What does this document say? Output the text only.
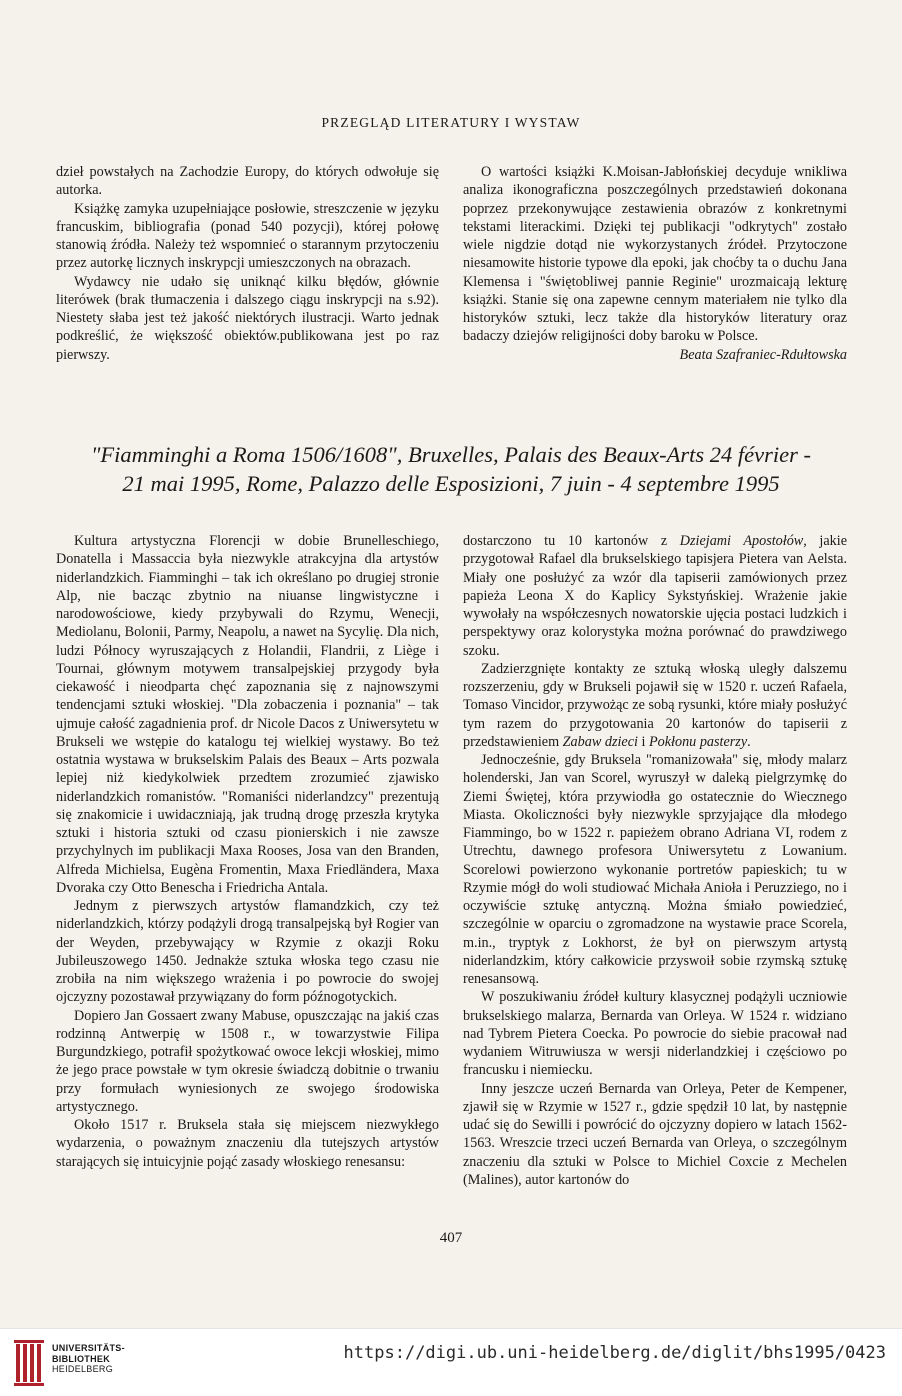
PRZEGLĄD LITERATURY I WYSTAW

dzieł powstałych na Zachodzie Europy, do których odwołuje się autorka.

Książkę zamyka uzupełniające posłowie, streszczenie w języku francuskim, bibliografia (ponad 540 pozycji), której połowę stanowią źródła. Należy też wspomnieć o starannym przytoczeniu przez autorkę licznych inskrypcji umieszczonych na obrazach.

Wydawcy nie udało się uniknąć kilku błędów, głównie literówek (brak tłumaczenia i dalszego ciągu inskrypcji na s.92). Niestety słaba jest też jakość niektórych ilustracji. Warto jednak podkreślić, że większość obiektów.publikowana jest po raz pierwszy.

O wartości książki K.Moisan-Jabłońskiej decyduje wnikliwa analiza ikonograficzna poszczególnych przedstawień dokonana poprzez przekonywujące zestawienia obrazów z konkretnymi tekstami literackimi. Dzięki tej publikacji "odkrytych" zostało wiele nigdzie dotąd nie wykorzystanych źródeł. Przytoczone niesamowite historie typowe dla epoki, jak choćby ta o duchu Jana Klemensa i "świętobliwej pannie Reginie" urozmaicają lekturę książki. Stanie się ona zapewne cennym materiałem nie tylko dla historyków sztuki, lecz także dla historyków literatury oraz badaczy dziejów religijności doby baroku w Polsce.

Beata Szafraniec-Rdułtowska

"Fiamminghi a Roma 1506/1608", Bruxelles, Palais des Beaux-Arts 24 février -
21 mai 1995, Rome, Palazzo delle Esposizioni, 7 juin - 4 septembre 1995

Kultura artystyczna Florencji w dobie Brunelleschiego, Donatella i Massaccia była niezwykle atrakcyjna dla artystów niderlandzkich. Fiamminghi – tak ich określano po drugiej stronie Alp, nie bacząc zbytnio na niuanse lingwistyczne i narodowościowe, kiedy przybywali do Rzymu, Wenecji, Mediolanu, Bolonii, Parmy, Neapolu, a nawet na Sycylię. Dla nich, ludzi Północy wyruszających z Holandii, Flandrii, z Liège i Tournai, głównym motywem transalpejskiej przygody była ciekawość i nieodparta chęć zapoznania się z najnowszymi tendencjami sztuki włoskiej. "Dla zobaczenia i poznania" – tak ujmuje całość zagadnienia prof. dr Nicole Dacos z Uniwersytetu w Brukseli we wstępie do katalogu tej wielkiej wystawy. Bo też ostatnia wystawa w brukselskim Palais des Beaux – Arts pozwala lepiej niż kiedykolwiek przedtem zrozumieć zjawisko niderlandzkich romanistów. "Romaniści niderlandzcy" prezentują się znakomicie i uwidaczniają, jak trudną drogę przeszła krytyka sztuki i historia sztuki od czasu pionierskich i nie zawsze przychylnych im publikacji Maxa Rooses, Josa van den Branden, Alfreda Michielsa, Eugèna Fromentin, Maxa Friedländera, Maxa Dvoraka czy Otto Benescha i Friedricha Antala.

Jednym z pierwszych artystów flamandzkich, czy też niderlandzkich, którzy podążyli drogą transalpejską był Rogier van der Weyden, przebywający w Rzymie z okazji Roku Jubileuszowego 1450. Jednakże sztuka włoska tego czasu nie zrobiła na nim większego wrażenia i po powrocie do swojej ojczyzny pozostawał przywiązany do form późnogotyckich.

Dopiero Jan Gossaert zwany Mabuse, opuszczając na jakiś czas rodzinną Antwerpię w 1508 r., w towarzystwie Filipa Burgundzkiego, potrafił spożytkować owoce lekcji włoskiej, mimo że jego prace powstałe w tym okresie świadczą dobitnie o trwaniu przy formułach wyniesionych ze swojego środowiska artystycznego.

Około 1517 r. Bruksela stała się miejscem niezwykłego wydarzenia, o poważnym znaczeniu dla tutejszych artystów starających się intuicyjnie pojąć zasady włoskiego renesansu:

dostarczono tu 10 kartonów z Dziejami Apostołów, jakie przygotował Rafael dla brukselskiego tapisjera Pietera van Aelsta. Miały one posłużyć za wzór dla tapiserii zamówionych przez papieża Leona X do Kaplicy Sykstyńskiej. Wrażenie jakie wywołały na współczesnych nowatorskie ujęcia postaci ludzkich i perspektywy oraz kolorystyka można porównać do prawdziwego szoku.

Zadzierzgnięte kontakty ze sztuką włoską uległy dalszemu rozszerzeniu, gdy w Brukseli pojawił się w 1520 r. uczeń Rafaela, Tomaso Vincidor, przywożąc ze sobą rysunki, które miały posłużyć tym razem do przygotowania 20 kartonów do tapiserii z przedstawieniem Zabaw dzieci i Pokłonu pasterzy.

Jednocześnie, gdy Bruksela "romanizowała" się, młody malarz holenderski, Jan van Scorel, wyruszył w daleką pielgrzymkę do Ziemi Świętej, która przywiodła go ostatecznie do Wiecznego Miasta. Okoliczności były niezwykle sprzyjające dla młodego Fiammingo, bo w 1522 r. papieżem obrano Adriana VI, rodem z Utrechtu, dawnego profesora Uniwersytetu z Lowanium. Scorelowi powierzono wykonanie portretów papieskich; tu w Rzymie mógł do woli studiować Michała Anioła i Peruzziego, no i oczywiście sztukę antyczną. Można śmiało powiedzieć, szczególnie w oparciu o zgromadzone na wystawie prace Scorela, m.in., tryptyk z Lokhorst, że był on pierwszym artystą niderlandzkim, który całkowicie przyswoił sobie rzymską sztukę renesansową.

W poszukiwaniu źródeł kultury klasycznej podążyli uczniowie brukselskiego malarza, Bernarda van Orleya. W 1524 r. widziano nad Tybrem Pietera Coecka. Po powrocie do siebie pracował nad wydaniem Witruwiusza w wersji niderlandzkiej i częściowo po francusku i niemiecku.

Inny jeszcze uczeń Bernarda van Orleya, Peter de Kempener, zjawił się w Rzymie w 1527 r., gdzie spędził 10 lat, by następnie udać się do Sewilli i powrócić do ojczyzny dopiero w latach 1562-1563. Wreszcie trzeci uczeń Bernarda van Orleya, o szczególnym znaczeniu dla sztuki w Polsce to Michiel Coxcie z Mechelen (Malines), autor kartonów do

407
UNIVERSITÄTS-
BIBLIOTHEK
HEIDELBERG
https://digi.ub.uni-heidelberg.de/diglit/bhs1995/0423
